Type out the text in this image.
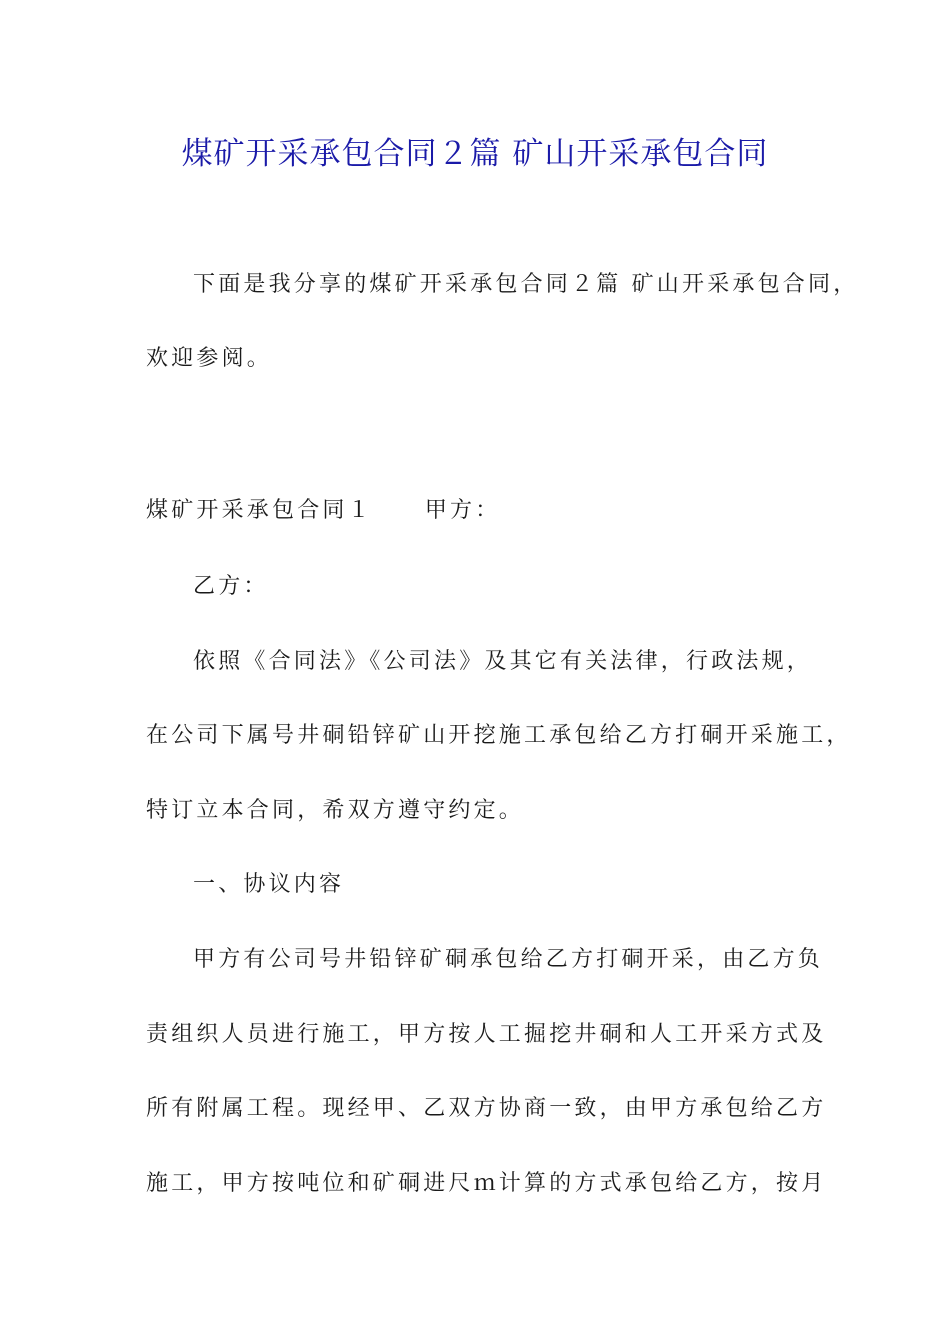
煤矿开采承包合同２篇 矿山开采承包合同
下面是我分享的煤矿开采承包合同２篇 矿山开采承包合同，
欢迎参阅。
煤矿开采承包合同１ 甲方：
乙方：
依照《合同法》《公司法》及其它有关法律，行政法规，
在公司下属号井硐铅锌矿山开挖施工承包给乙方打硐开采施工，
特订立本合同，希双方遵守约定。
一、协议内容
甲方有公司号井铅锌矿硐承包给乙方打硐开采，由乙方负
责组织人员进行施工，甲方按人工掘挖井硐和人工开采方式及
所有附属工程。现经甲、乙双方协商一致，由甲方承包给乙方
施工，甲方按吨位和矿硐进尺ｍ计算的方式承包给乙方，按月
